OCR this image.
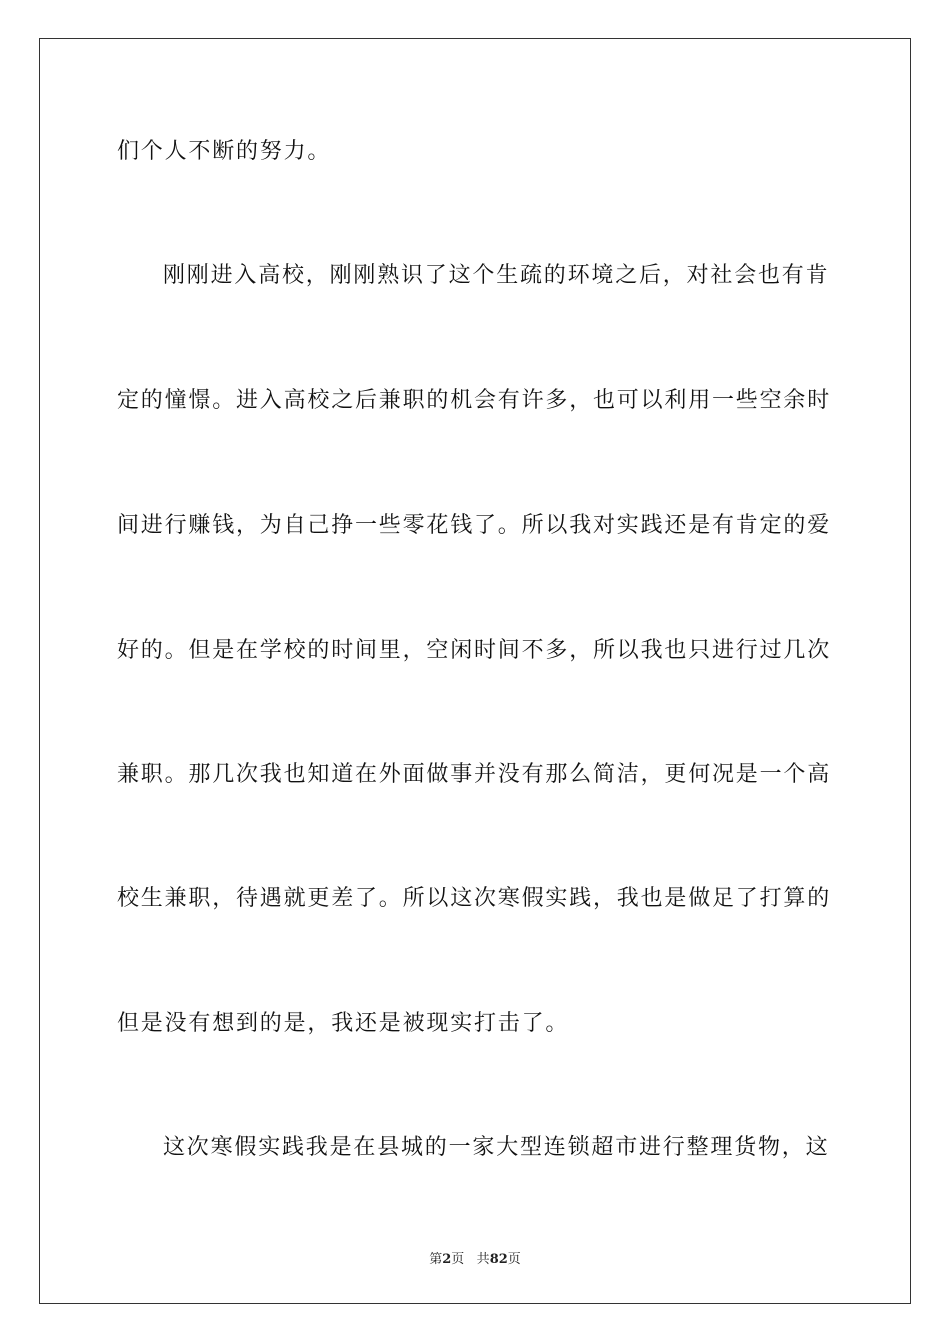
们个人不断的努力。
刚刚进入高校，刚刚熟识了这个生疏的环境之后，对社会也有肯
定的憧憬。进入高校之后兼职的机会有许多，也可以利用一些空余时
间进行赚钱，为自己挣一些零花钱了。所以我对实践还是有肯定的爱
好的。但是在学校的时间里，空闲时间不多，所以我也只进行过几次
兼职。那几次我也知道在外面做事并没有那么简洁，更何况是一个高
校生兼职，待遇就更差了。所以这次寒假实践，我也是做足了打算的
但是没有想到的是，我还是被现实打击了。
这次寒假实践我是在县城的一家大型连锁超市进行整理货物，这
第2页 共82页
